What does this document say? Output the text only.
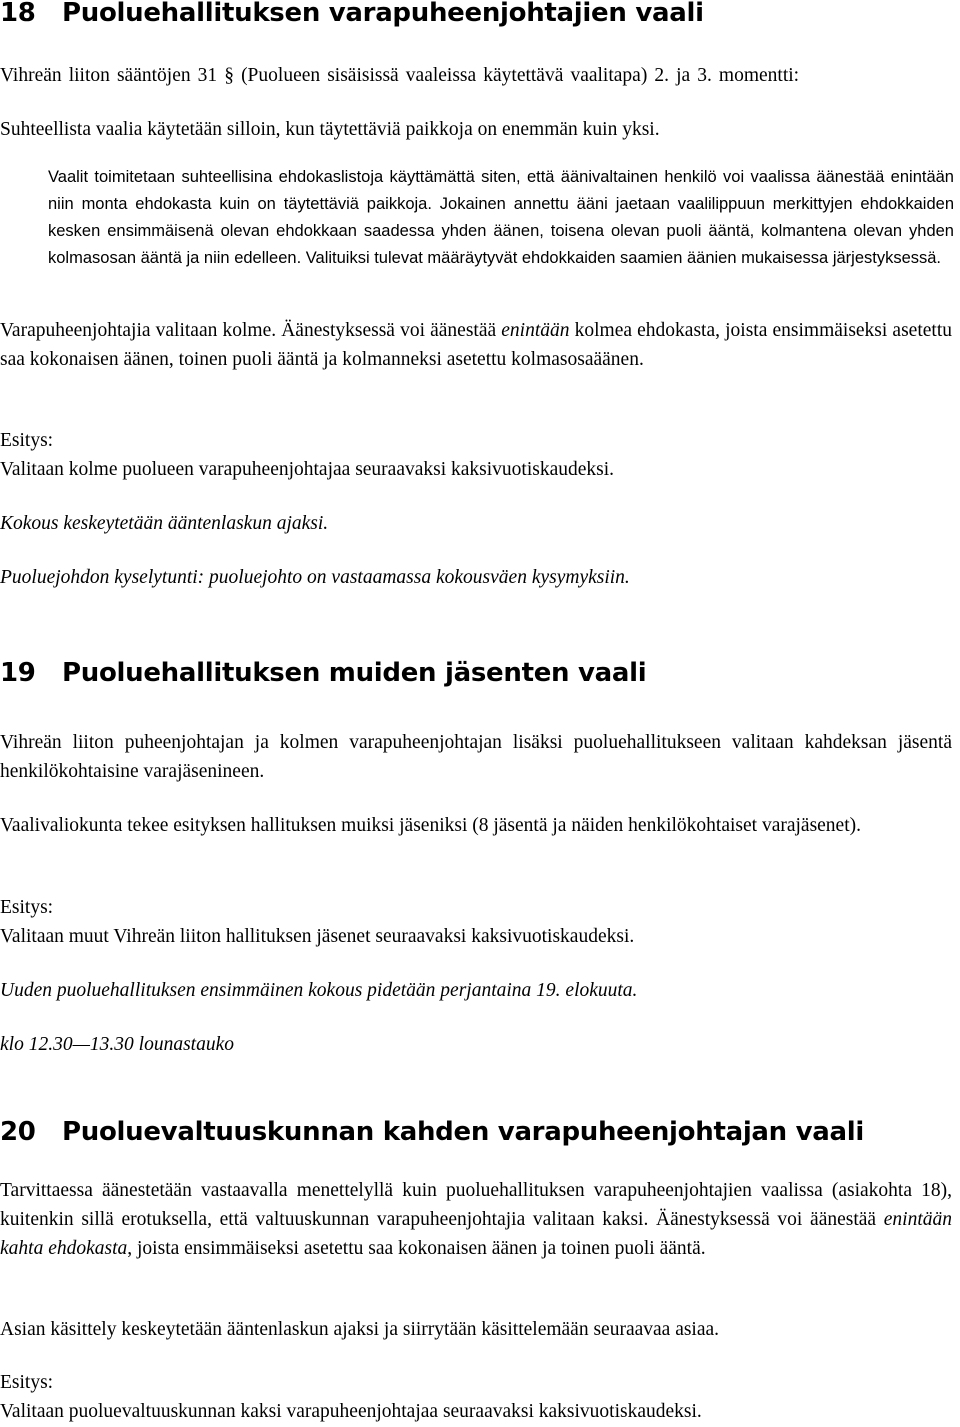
18	Puoluehallituksen varapuheenjohtajien vaali

Vihreän liiton sääntöjen 31 § (Puolueen sisäisissä vaaleissa käytettävä vaalitapa) 2. ja 3. momentti:

Suhteellista vaalia käytetään silloin, kun täytettäviä paikkoja on enemmän kuin yksi.

Vaalit toimitetaan suhteellisina ehdokaslistoja käyttämättä siten, että äänivaltainen henkilö voi vaalissa äänestää enintään niin monta ehdokasta kuin on täytettäviä paikkoja. Jokainen annettu ääni jaetaan vaalilippuun merkittyjen ehdokkaiden kesken ensimmäisenä olevan ehdokkaan saadessa yhden äänen, toisena olevan puoli ääntä, kolmantena olevan yhden kolmasosan ääntä ja niin edelleen. Valituiksi tulevat määräytyvät ehdokkaiden saamien äänien mukaisessa järjestyksessä.

Varapuheenjohtajia valitaan kolme. Äänestyksessä voi äänestää enintään kolmea ehdokasta, joista ensimmäiseksi asetettu saa kokonaisen äänen, toinen puoli ääntä ja kolmanneksi asetettu kolmasosaäänen.

Esitys:
Valitaan kolme puolueen varapuheenjohtajaa seuraavaksi kaksivuotiskaudeksi.

Kokous keskeytetään ääntenlaskun ajaksi.

Puoluejohdon kyselytunti: puoluejohto on vastaamassa kokousväen kysymyksiin.

19	Puoluehallituksen muiden jäsenten vaali

Vihreän liiton puheenjohtajan ja kolmen varapuheenjohtajan lisäksi puoluehallitukseen valitaan kahdeksan jäsentä henkilökohtaisine varajäsenineen.

Vaalivaliokunta tekee esityksen hallituksen muiksi jäseniksi (8 jäsentä ja näiden henkilökohtaiset varajäsenet).

Esitys:
Valitaan muut Vihreän liiton hallituksen jäsenet seuraavaksi kaksivuotiskaudeksi.

Uuden puoluehallituksen ensimmäinen kokous pidetään perjantaina 19. elokuuta.

klo 12.30—13.30 lounastauko

20	Puoluevaltuuskunnan kahden varapuheenjohtajan vaali

Tarvittaessa äänestetään vastaavalla menettelyllä kuin puoluehallituksen varapuheenjohtajien vaalissa (asiakohta 18), kuitenkin sillä erotuksella, että valtuuskunnan varapuheenjohtajia valitaan kaksi. Äänestyksessä voi äänestää enintään kahta ehdokasta, joista ensimmäiseksi asetettu saa kokonaisen äänen ja toinen puoli ääntä.

Asian käsittely keskeytetään ääntenlaskun ajaksi ja siirrytään käsittelemään seuraavaa asiaa.

Esitys:
Valitaan puoluevaltuuskunnan kaksi varapuheenjohtajaa seuraavaksi kaksivuotiskaudeksi.
